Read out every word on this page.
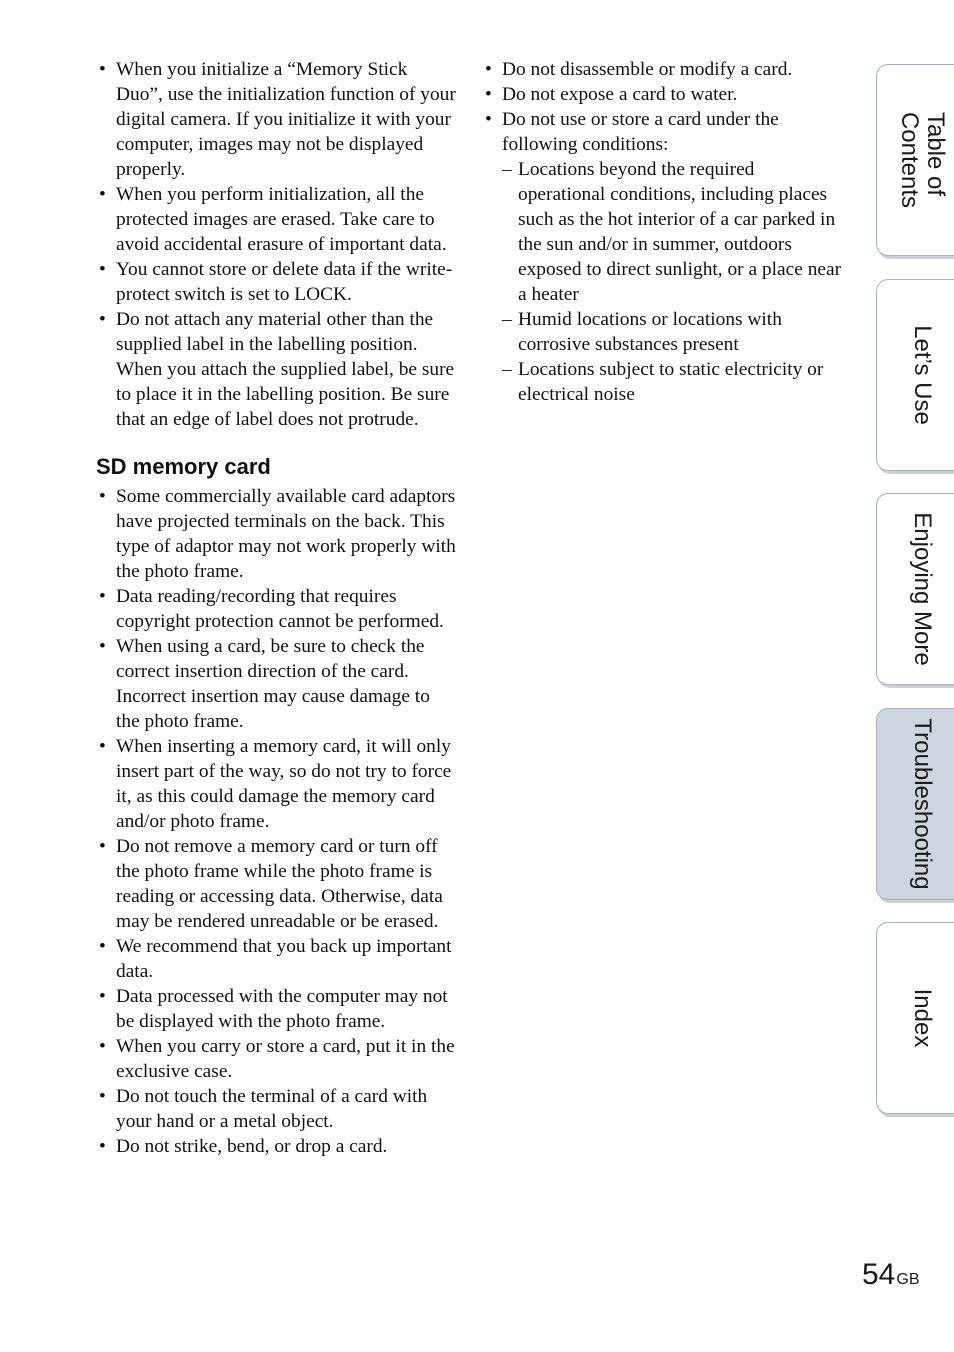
• When you initialize a “Memory Stick Duo”, use the initialization function of your digital camera. If you initialize it with your computer, images may not be displayed properly.
• When you perform initialization, all the protected images are erased. Take care to avoid accidental erasure of important data.
• You cannot store or delete data if the write-protect switch is set to LOCK.
• Do not attach any material other than the supplied label in the labelling position. When you attach the supplied label, be sure to place it in the labelling position. Be sure that an edge of label does not protrude.
SD memory card
• Some commercially available card adaptors have projected terminals on the back. This type of adaptor may not work properly with the photo frame.
• Data reading/recording that requires copyright protection cannot be performed.
• When using a card, be sure to check the correct insertion direction of the card. Incorrect insertion may cause damage to the photo frame.
• When inserting a memory card, it will only insert part of the way, so do not try to force it, as this could damage the memory card and/or photo frame.
• Do not remove a memory card or turn off the photo frame while the photo frame is reading or accessing data. Otherwise, data may be rendered unreadable or be erased.
• We recommend that you back up important data.
• Data processed with the computer may not be displayed with the photo frame.
• When you carry or store a card, put it in the exclusive case.
• Do not touch the terminal of a card with your hand or a metal object.
• Do not strike, bend, or drop a card.
• Do not disassemble or modify a card.
• Do not expose a card to water.
• Do not use or store a card under the following conditions:
– Locations beyond the required operational conditions, including places such as the hot interior of a car parked in the sun and/or in summer, outdoors exposed to direct sunlight, or a place near a heater
– Humid locations or locations with corrosive substances present
– Locations subject to static electricity or electrical noise
Table of
Contents
Let’s Use
Enjoying More
Troubleshooting
Index
54GB
